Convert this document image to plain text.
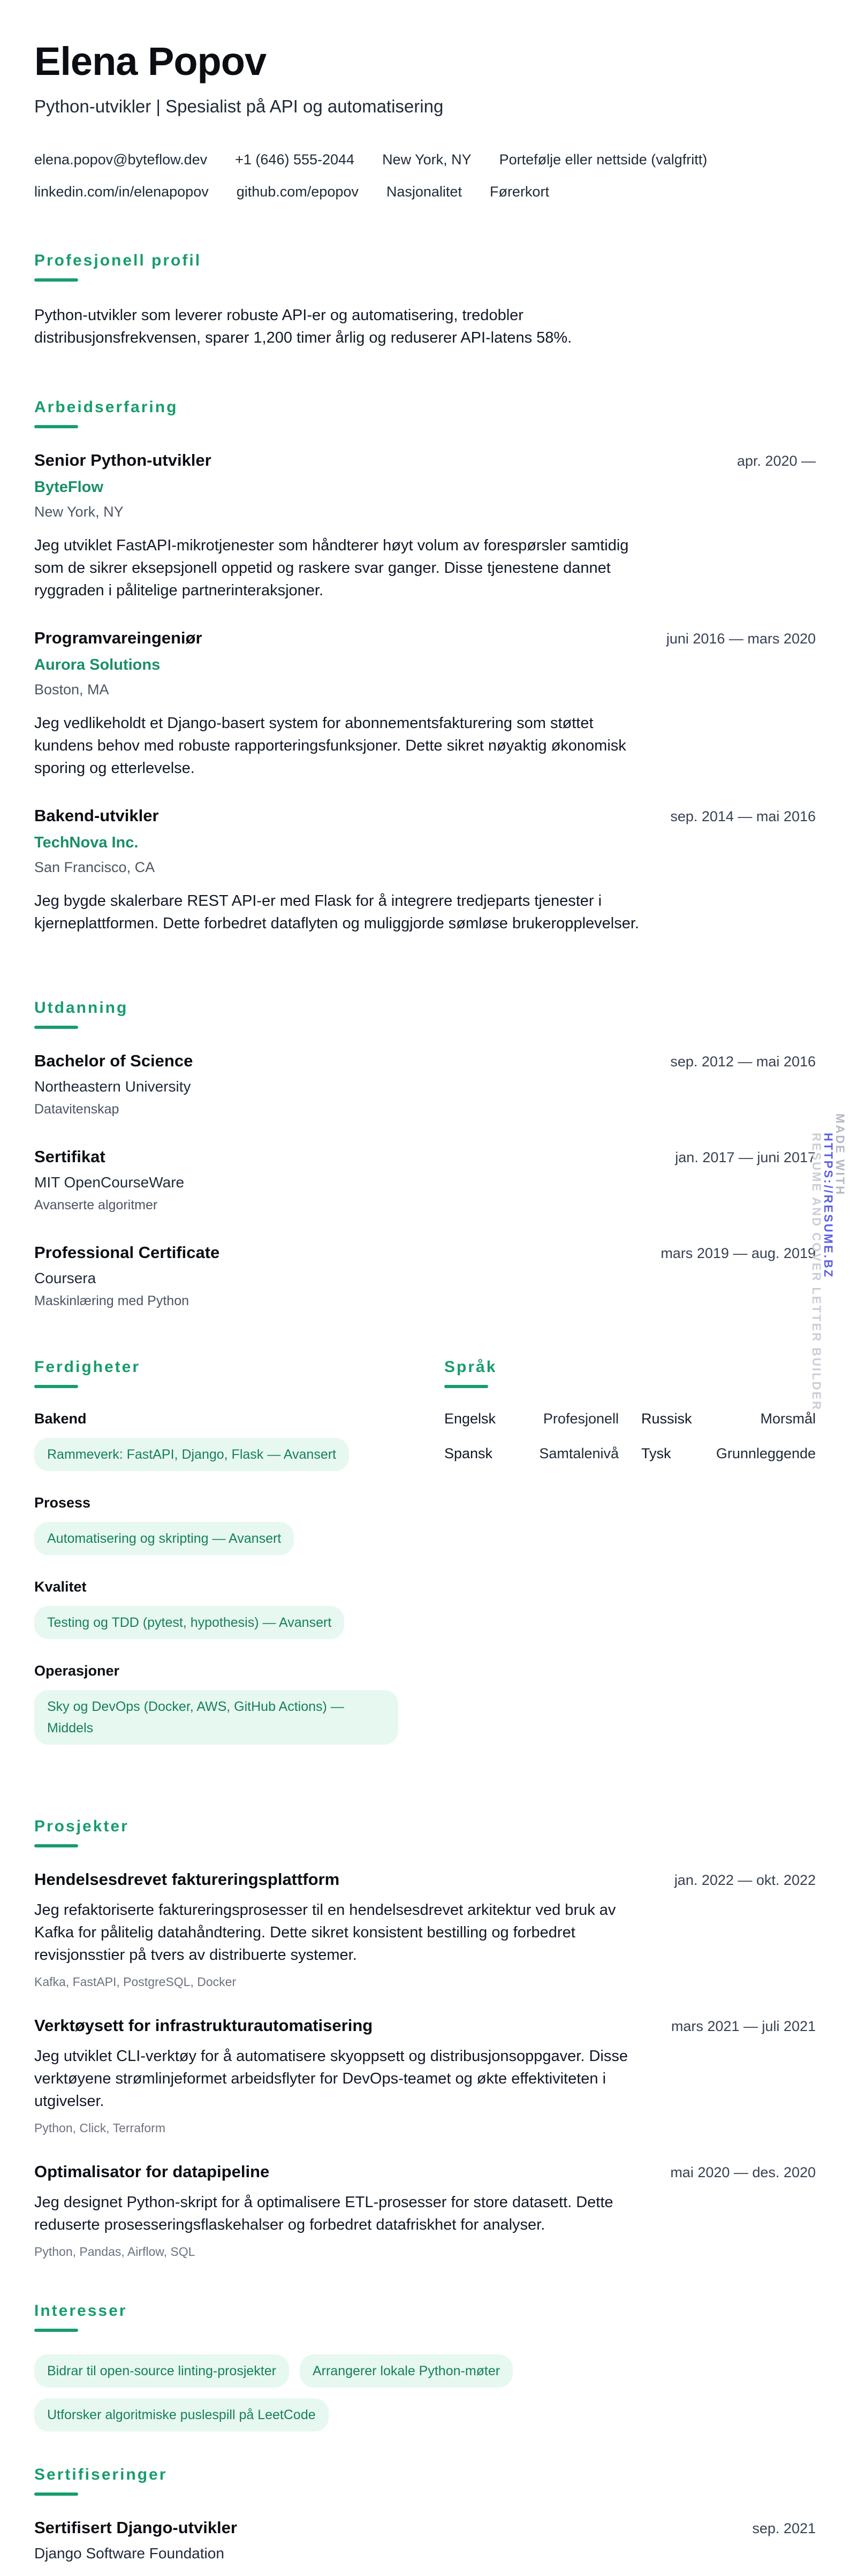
Elena Popov
Python-utvikler | Spesialist på API og automatisering
elena.popov@byteflow.dev +1 (646) 555-2044 New York, NY Portefølje eller nettside (valgfritt)
linkedin.com/in/elenapopov github.com/epopov Nasjonalitet Førerkort
Profesjonell profil

Python-utvikler som leverer robuste API-er og automatisering, tredobler distribusjonsfrekvensen, sparer 1,200 timer årlig og reduserer API-latens 58%.

Arbeidserfaring
Senior Python-utvikler	apr. 2020 —
ByteFlow
New York, NY

Jeg utviklet FastAPI-mikrotjenester som håndterer høyt volum av forespørsler samtidig som de sikrer eksepsjonell oppetid og raskere svar ganger. Disse tjenestene dannet ryggraden i pålitelige partnerinteraksjoner.

Programvareingeniør	juni 2016 — mars 2020
Aurora Solutions
Boston, MA

Jeg vedlikeholdt et Django-basert system for abonnementsfakturering som støttet kundens behov med robuste rapporteringsfunksjoner. Dette sikret nøyaktig økonomisk sporing og etterlevelse.

Bakend-utvikler	sep. 2014 — mai 2016
TechNova Inc.
San Francisco, CA

Jeg bygde skalerbare REST API-er med Flask for å integrere tredjeparts tjenester i kjerneplattformen. Dette forbedret dataflyten og muliggjorde sømløse brukeropplevelser.

Utdanning
Bachelor of Science	sep. 2012 — mai 2016
Northeastern University
Datavitenskap
Sertifikat	jan. 2017 — juni 2017
MIT OpenCourseWare
Avanserte algoritmer
Professional Certificate	mars 2019 — aug. 2019
Coursera
Maskinlæring med Python
Ferdigheter
Bakend
Rammeverk: FastAPI, Django, Flask — Avansert
Prosess
Automatisering og skripting — Avansert
Kvalitet
Testing og TDD (pytest, hypothesis) — Avansert
Operasjoner
Sky og DevOps (Docker, AWS, GitHub Actions) — Middels
Språk
Engelsk	Profesjonell Russisk	Morsmål
Spansk	Samtalenivå Tysk	Grunnleggende
Prosjekter
Hendelsesdrevet faktureringsplattform	jan. 2022 — okt. 2022

Jeg refaktoriserte faktureringsprosesser til en hendelsesdrevet arkitektur ved bruk av Kafka for pålitelig datahåndtering. Dette sikret konsistent bestilling og forbedret revisjonsstier på tvers av distribuerte systemer.

Kafka, FastAPI, PostgreSQL, Docker
Verktøysett for infrastrukturautomatisering	mars 2021 — juli 2021

Jeg utviklet CLI-verktøy for å automatisere skyoppsett og distribusjonsoppgaver. Disse verktøyene strømlinjeformet arbeidsflyter for DevOps-teamet og økte effektiviteten i utgivelser.

Python, Click, Terraform
Optimalisator for datapipeline	mai 2020 — des. 2020

Jeg designet Python-skript for å optimalisere ETL-prosesser for store datasett. Dette reduserte prosesseringsflaskehalser og forbedret datafriskhet for analyser.

Python, Pandas, Airflow, SQL
Interesser
Bidrar til open-source linting-prosjekter	Arrangerer lokale Python-møter
Utforsker algoritmiske puslespill på LeetCode
Sertifiseringer
Sertifisert Django-utvikler	sep. 2021
Django Software Foundation
MADE WITH
HTTPS://RESUME.BZ
RESUME AND COVER LETTER BUILDER
